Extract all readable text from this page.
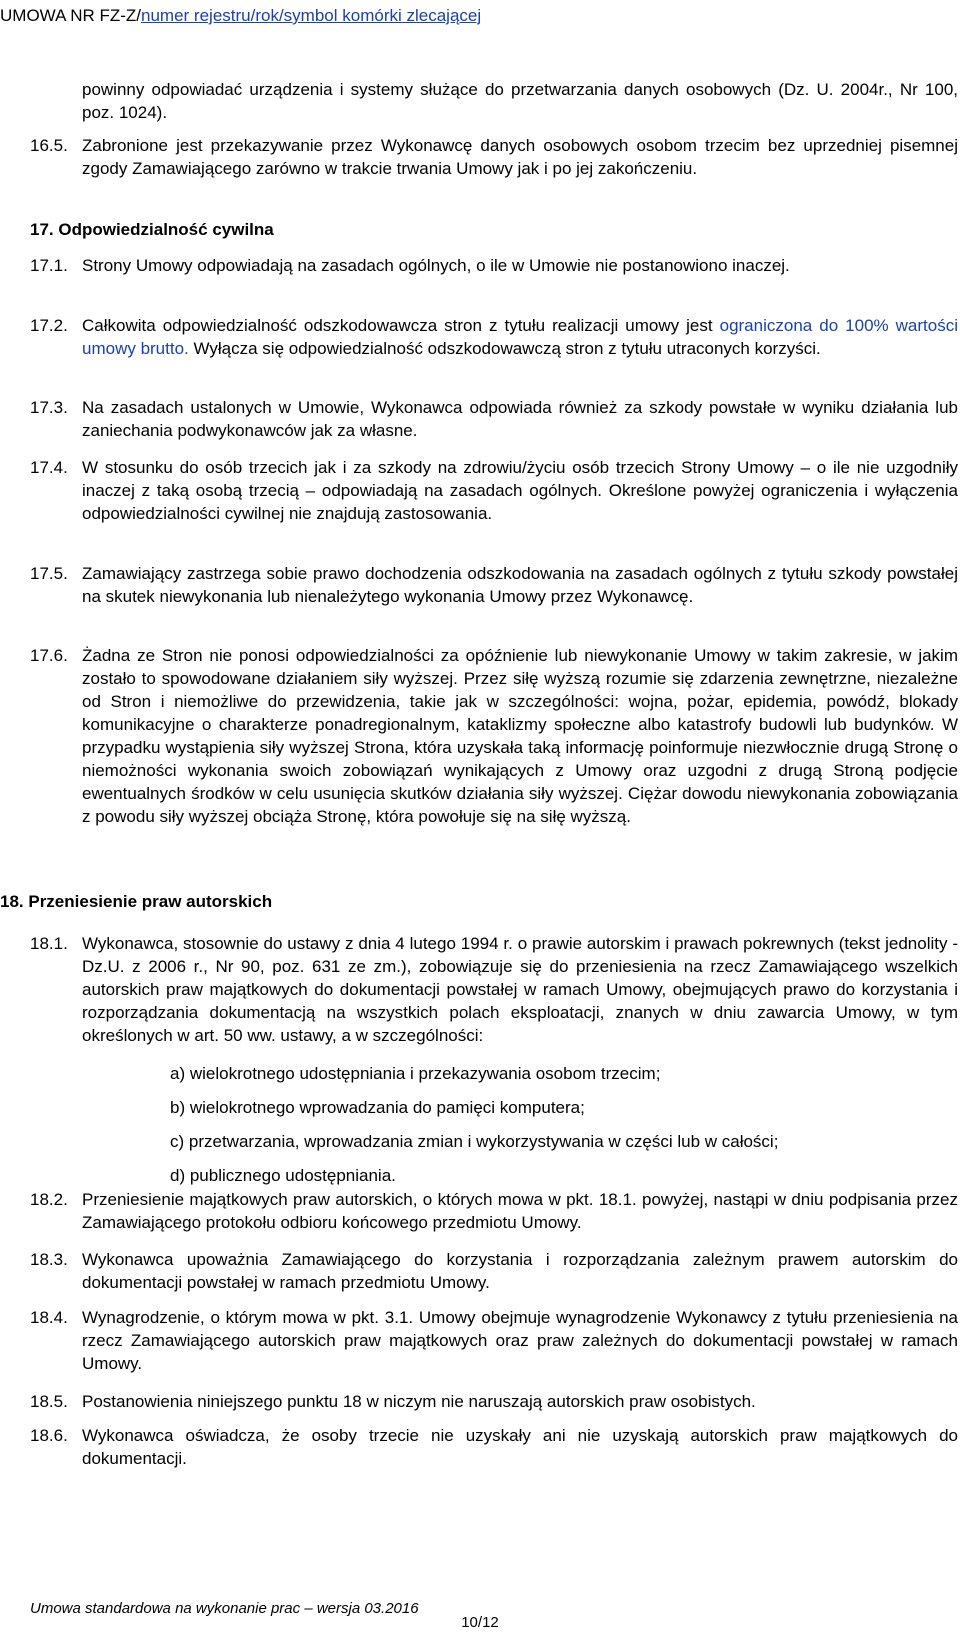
UMOWA NR FZ-Z/numer rejestru/rok/symbol komórki zlecającej
powinny odpowiadać urządzenia i systemy służące do przetwarzania danych osobowych (Dz. U. 2004r., Nr 100, poz. 1024).
16.5. Zabronione jest przekazywanie przez Wykonawcę danych osobowych osobom trzecim bez uprzedniej pisemnej zgody Zamawiającego zarówno w trakcie trwania Umowy jak i po jej zakończeniu.
17. Odpowiedzialność cywilna
17.1. Strony Umowy odpowiadają na zasadach ogólnych, o ile w Umowie nie postanowiono inaczej.
17.2. Całkowita odpowiedzialność odszkodowawcza stron z tytułu realizacji umowy jest ograniczona do 100% wartości umowy brutto. Wyłącza się odpowiedzialność odszkodowawczą stron z tytułu utraconych korzyści.
17.3. Na zasadach ustalonych w Umowie, Wykonawca odpowiada również za szkody powstałe w wyniku działania lub zaniechania podwykonawców jak za własne.
17.4. W stosunku do osób trzecich jak i za szkody na zdrowiu/życiu osób trzecich Strony Umowy – o ile nie uzgodniły inaczej z taką osobą trzecią – odpowiadają na zasadach ogólnych. Określone powyżej ograniczenia i wyłączenia odpowiedzialności cywilnej nie znajdują zastosowania.
17.5. Zamawiający zastrzega sobie prawo dochodzenia odszkodowania na zasadach ogólnych z tytułu szkody powstałej na skutek niewykonania lub nienależytego wykonania Umowy przez Wykonawcę.
17.6. Żadna ze Stron nie ponosi odpowiedzialności za opóźnienie lub niewykonanie Umowy w takim zakresie, w jakim zostało to spowodowane działaniem siły wyższej. Przez siłę wyższą rozumie się zdarzenia zewnętrzne, niezależne od Stron i niemożliwe do przewidzenia, takie jak w szczególności: wojna, pożar, epidemia, powódź, blokady komunikacyjne o charakterze ponadregionalnym, kataklizmy społeczne albo katastrofy budowli lub budynków. W przypadku wystąpienia siły wyższej Strona, która uzyskała taką informację poinformuje niezwłocznie drugą Stronę o niemożności wykonania swoich zobowiązań wynikających z Umowy oraz uzgodni z drugą Stroną podjęcie ewentualnych środków w celu usunięcia skutków działania siły wyższej. Ciężar dowodu niewykonania zobowiązania z powodu siły wyższej obciąża Stronę, która powołuje się na siłę wyższą.
18. Przeniesienie praw autorskich
18.1. Wykonawca, stosownie do ustawy z dnia 4 lutego 1994 r. o prawie autorskim i prawach pokrewnych (tekst jednolity - Dz.U. z 2006 r., Nr 90, poz. 631 ze zm.), zobowiązuje się do przeniesienia na rzecz Zamawiającego wszelkich autorskich praw majątkowych do dokumentacji powstałej w ramach Umowy, obejmujących prawo do korzystania i rozporządzania dokumentacją na wszystkich polach eksploatacji, znanych w dniu zawarcia Umowy, w tym określonych w art. 50 ww. ustawy, a w szczególności:
a) wielokrotnego udostępniania i przekazywania osobom trzecim;
b) wielokrotnego wprowadzania do pamięci komputera;
c) przetwarzania, wprowadzania zmian i wykorzystywania w części lub w całości;
d) publicznego udostępniania.
18.2. Przeniesienie majątkowych praw autorskich, o których mowa w pkt. 18.1. powyżej, nastąpi w dniu podpisania przez Zamawiającego protokołu odbioru końcowego przedmiotu Umowy.
18.3. Wykonawca upoważnia Zamawiającego do korzystania i rozporządzania zależnym prawem autorskim do dokumentacji powstałej w ramach przedmiotu Umowy.
18.4. Wynagrodzenie, o którym mowa w pkt. 3.1. Umowy obejmuje wynagrodzenie Wykonawcy z tytułu przeniesienia na rzecz Zamawiającego autorskich praw majątkowych oraz praw zależnych do dokumentacji powstałej w ramach Umowy.
18.5. Postanowienia niniejszego punktu 18 w niczym nie naruszają autorskich praw osobistych.
18.6. Wykonawca oświadcza, że osoby trzecie nie uzyskały ani nie uzyskają autorskich praw majątkowych do dokumentacji.
Umowa standardowa na wykonanie prac – wersja 03.2016
10/12
